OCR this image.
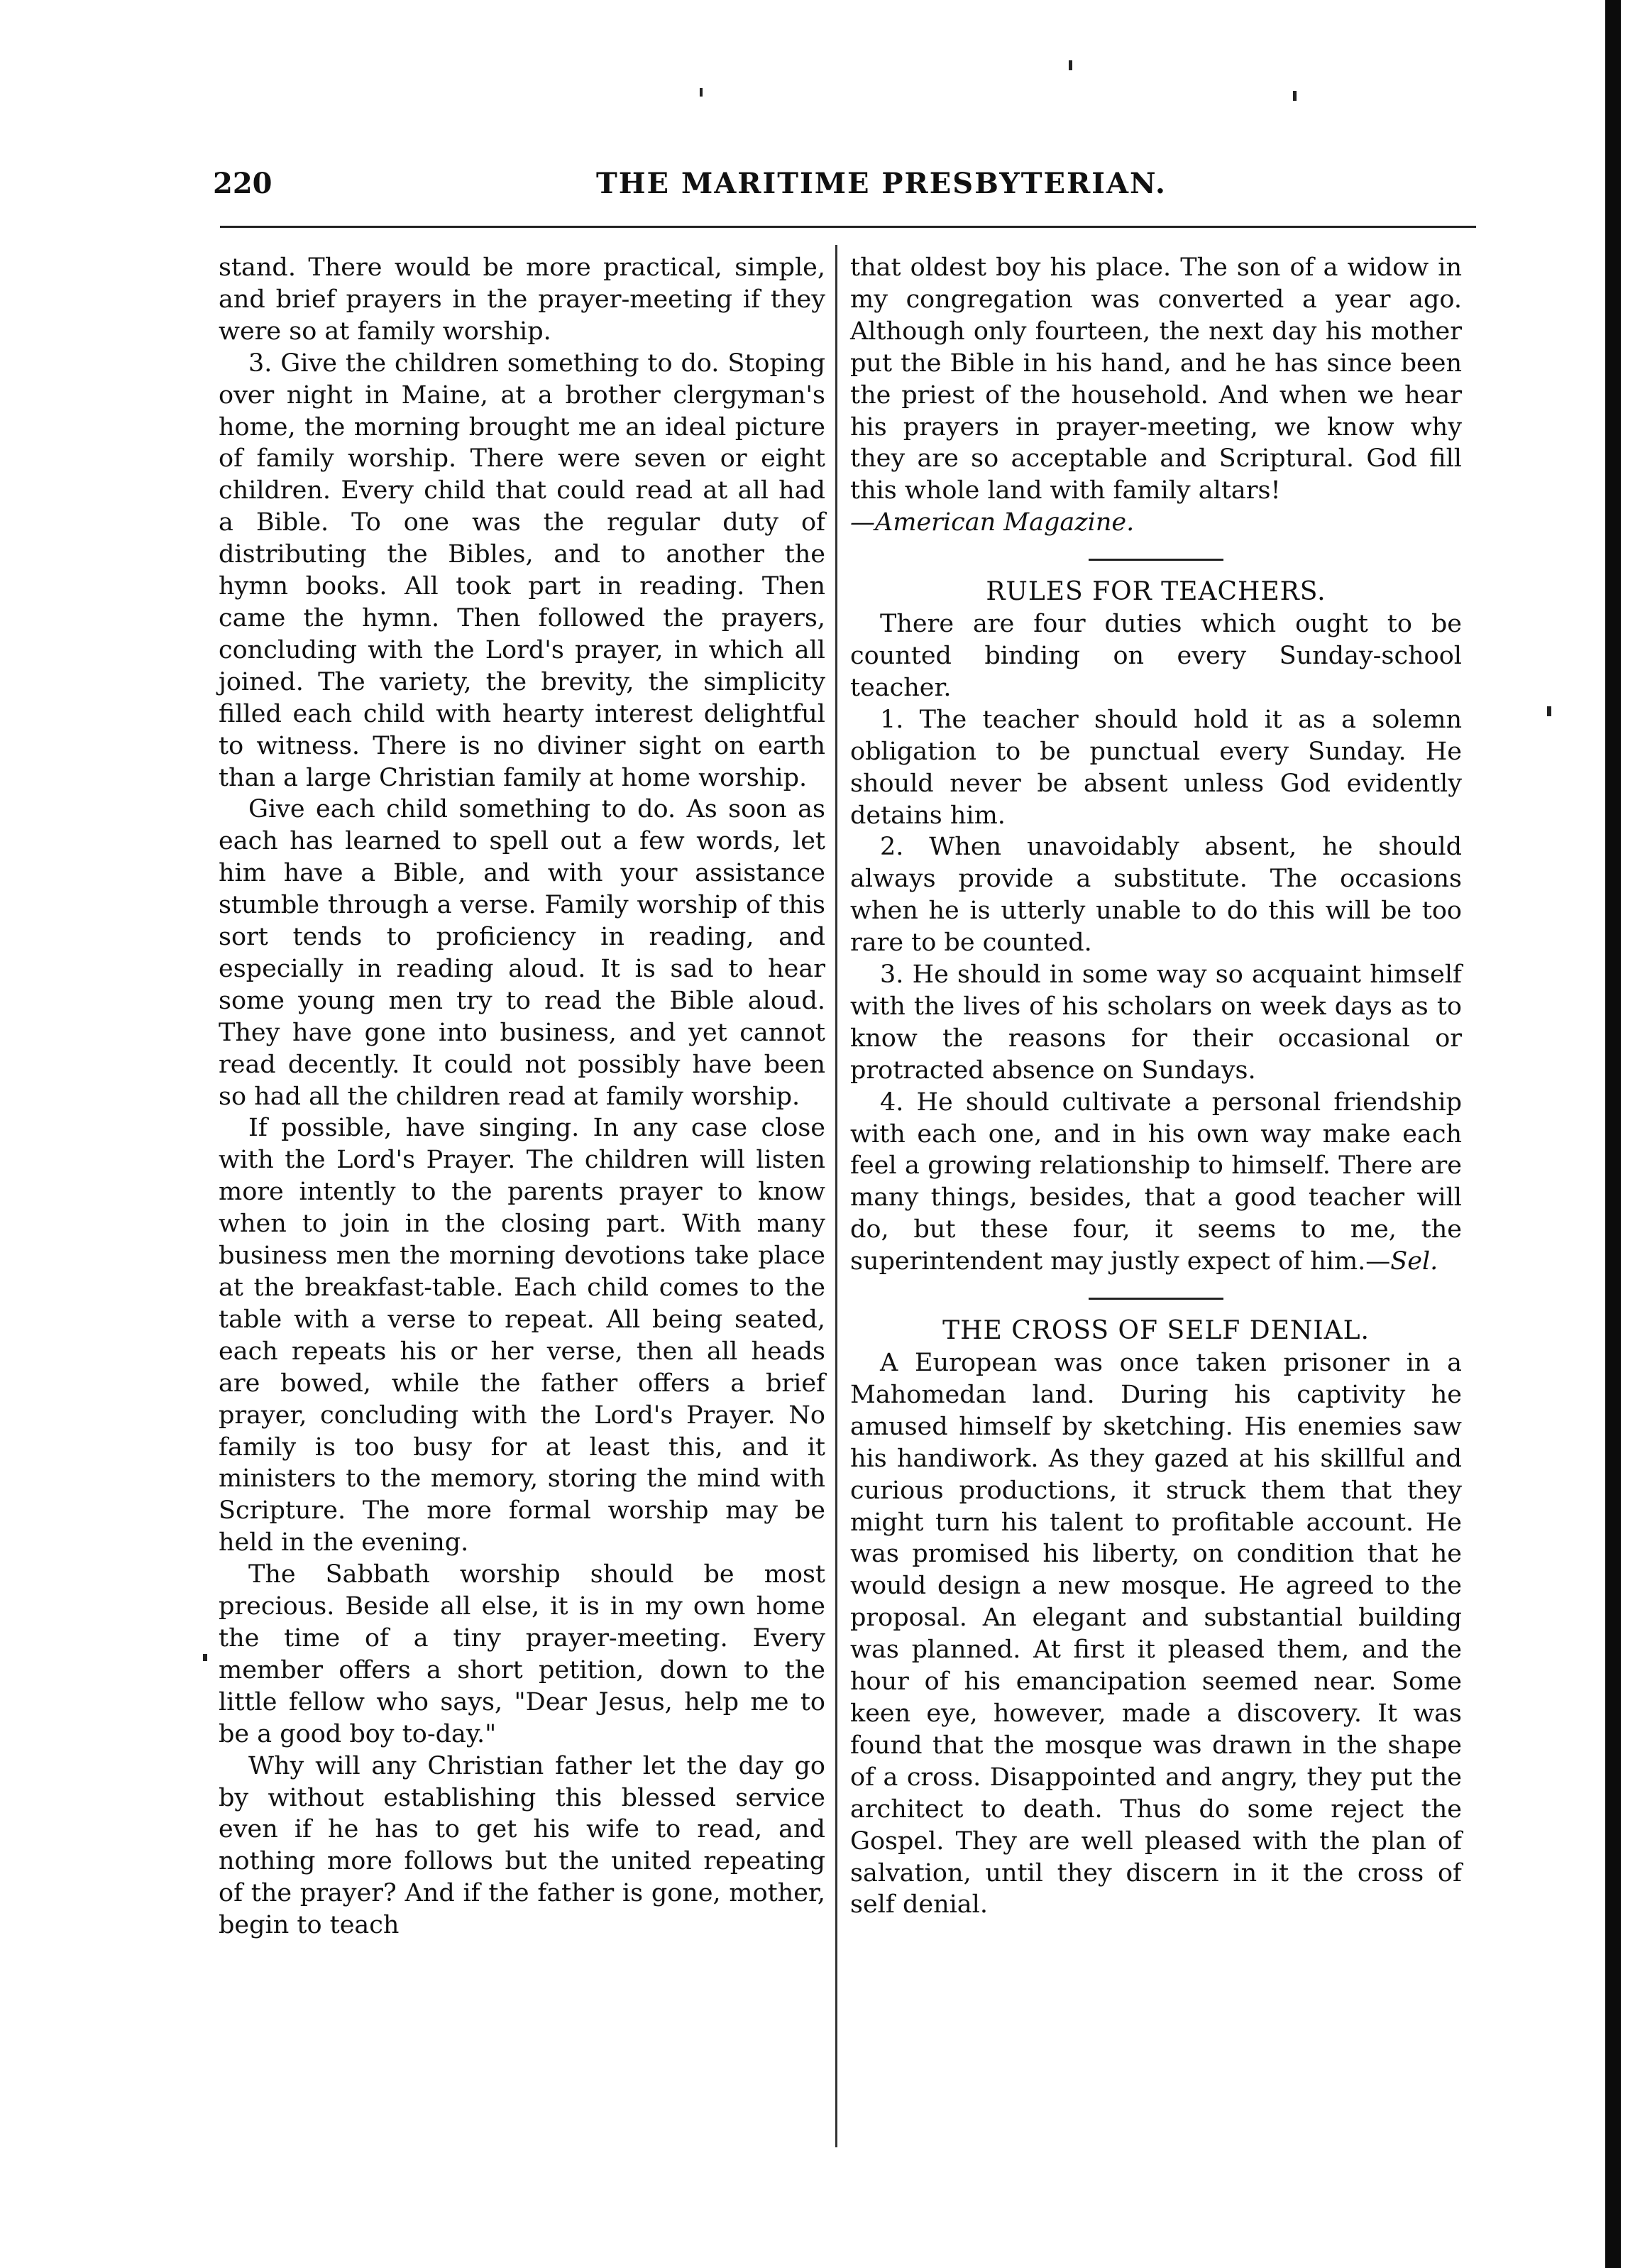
220	THE MARITIME PRESBYTERIAN.

stand. There would be more practical, simple, and brief prayers in the prayer-meeting if they were so at family worship.

3. Give the children something to do. Stoping over night in Maine, at a brother clergyman's home, the morning brought me an ideal picture of family worship. There were seven or eight children. Every child that could read at all had a Bible. To one was the regular duty of distributing the Bibles, and to another the hymn books. All took part in reading. Then came the hymn. Then followed the prayers, concluding with the Lord's prayer, in which all joined. The variety, the brevity, the simplicity filled each child with hearty interest delightful to witness. There is no diviner sight on earth than a large Christian family at home worship.

Give each child something to do. As soon as each has learned to spell out a few words, let him have a Bible, and with your assistance stumble through a verse. Family worship of this sort tends to proficiency in reading, and especially in reading aloud. It is sad to hear some young men try to read the Bible aloud. They have gone into business, and yet cannot read decently. It could not possibly have been so had all the children read at family worship.

If possible, have singing. In any case close with the Lord's Prayer. The children will listen more intently to the parents prayer to know when to join in the closing part. With many business men the morning devotions take place at the breakfast-table. Each child comes to the table with a verse to repeat. All being seated, each repeats his or her verse, then all heads are bowed, while the father offers a brief prayer, concluding with the Lord's Prayer. No family is too busy for at least this, and it ministers to the memory, storing the mind with Scripture. The more formal worship may be held in the evening.

The Sabbath worship should be most precious. Beside all else, it is in my own home the time of a tiny prayer-meeting. Every member offers a short petition, down to the little fellow who says, "Dear Jesus, help me to be a good boy to-day."

Why will any Christian father let the day go by without establishing this blessed service even if he has to get his wife to read, and nothing more follows but the united repeating of the prayer? And if the father is gone, mother, begin to teach

that oldest boy his place. The son of a widow in my congregation was converted a year ago. Although only fourteen, the next day his mother put the Bible in his hand, and he has since been the priest of the household. And when we hear his prayers in prayer-meeting, we know why they are so acceptable and Scriptural. God fill this whole land with family altars!
—American Magazine.

RULES FOR TEACHERS.

There are four duties which ought to be counted binding on every Sunday-school teacher.

1. The teacher should hold it as a solemn obligation to be punctual every Sunday. He should never be absent unless God evidently detains him.

2. When unavoidably absent, he should always provide a substitute. The occasions when he is utterly unable to do this will be too rare to be counted.

3. He should in some way so acquaint himself with the lives of his scholars on week days as to know the reasons for their occasional or protracted absence on Sundays.

4. He should cultivate a personal friendship with each one, and in his own way make each feel a growing relationship to himself. There are many things, besides, that a good teacher will do, but these four, it seems to me, the superintendent may justly expect of him.—Sel.

THE CROSS OF SELF DENIAL.

A European was once taken prisoner in a Mahomedan land. During his captivity he amused himself by sketching. His enemies saw his handiwork. As they gazed at his skillful and curious productions, it struck them that they might turn his talent to profitable account. He was promised his liberty, on condition that he would design a new mosque. He agreed to the proposal. An elegant and substantial building was planned. At first it pleased them, and the hour of his emancipation seemed near. Some keen eye, however, made a discovery. It was found that the mosque was drawn in the shape of a cross. Disappointed and angry, they put the architect to death. Thus do some reject the Gospel. They are well pleased with the plan of salvation, until they discern in it the cross of self denial.
